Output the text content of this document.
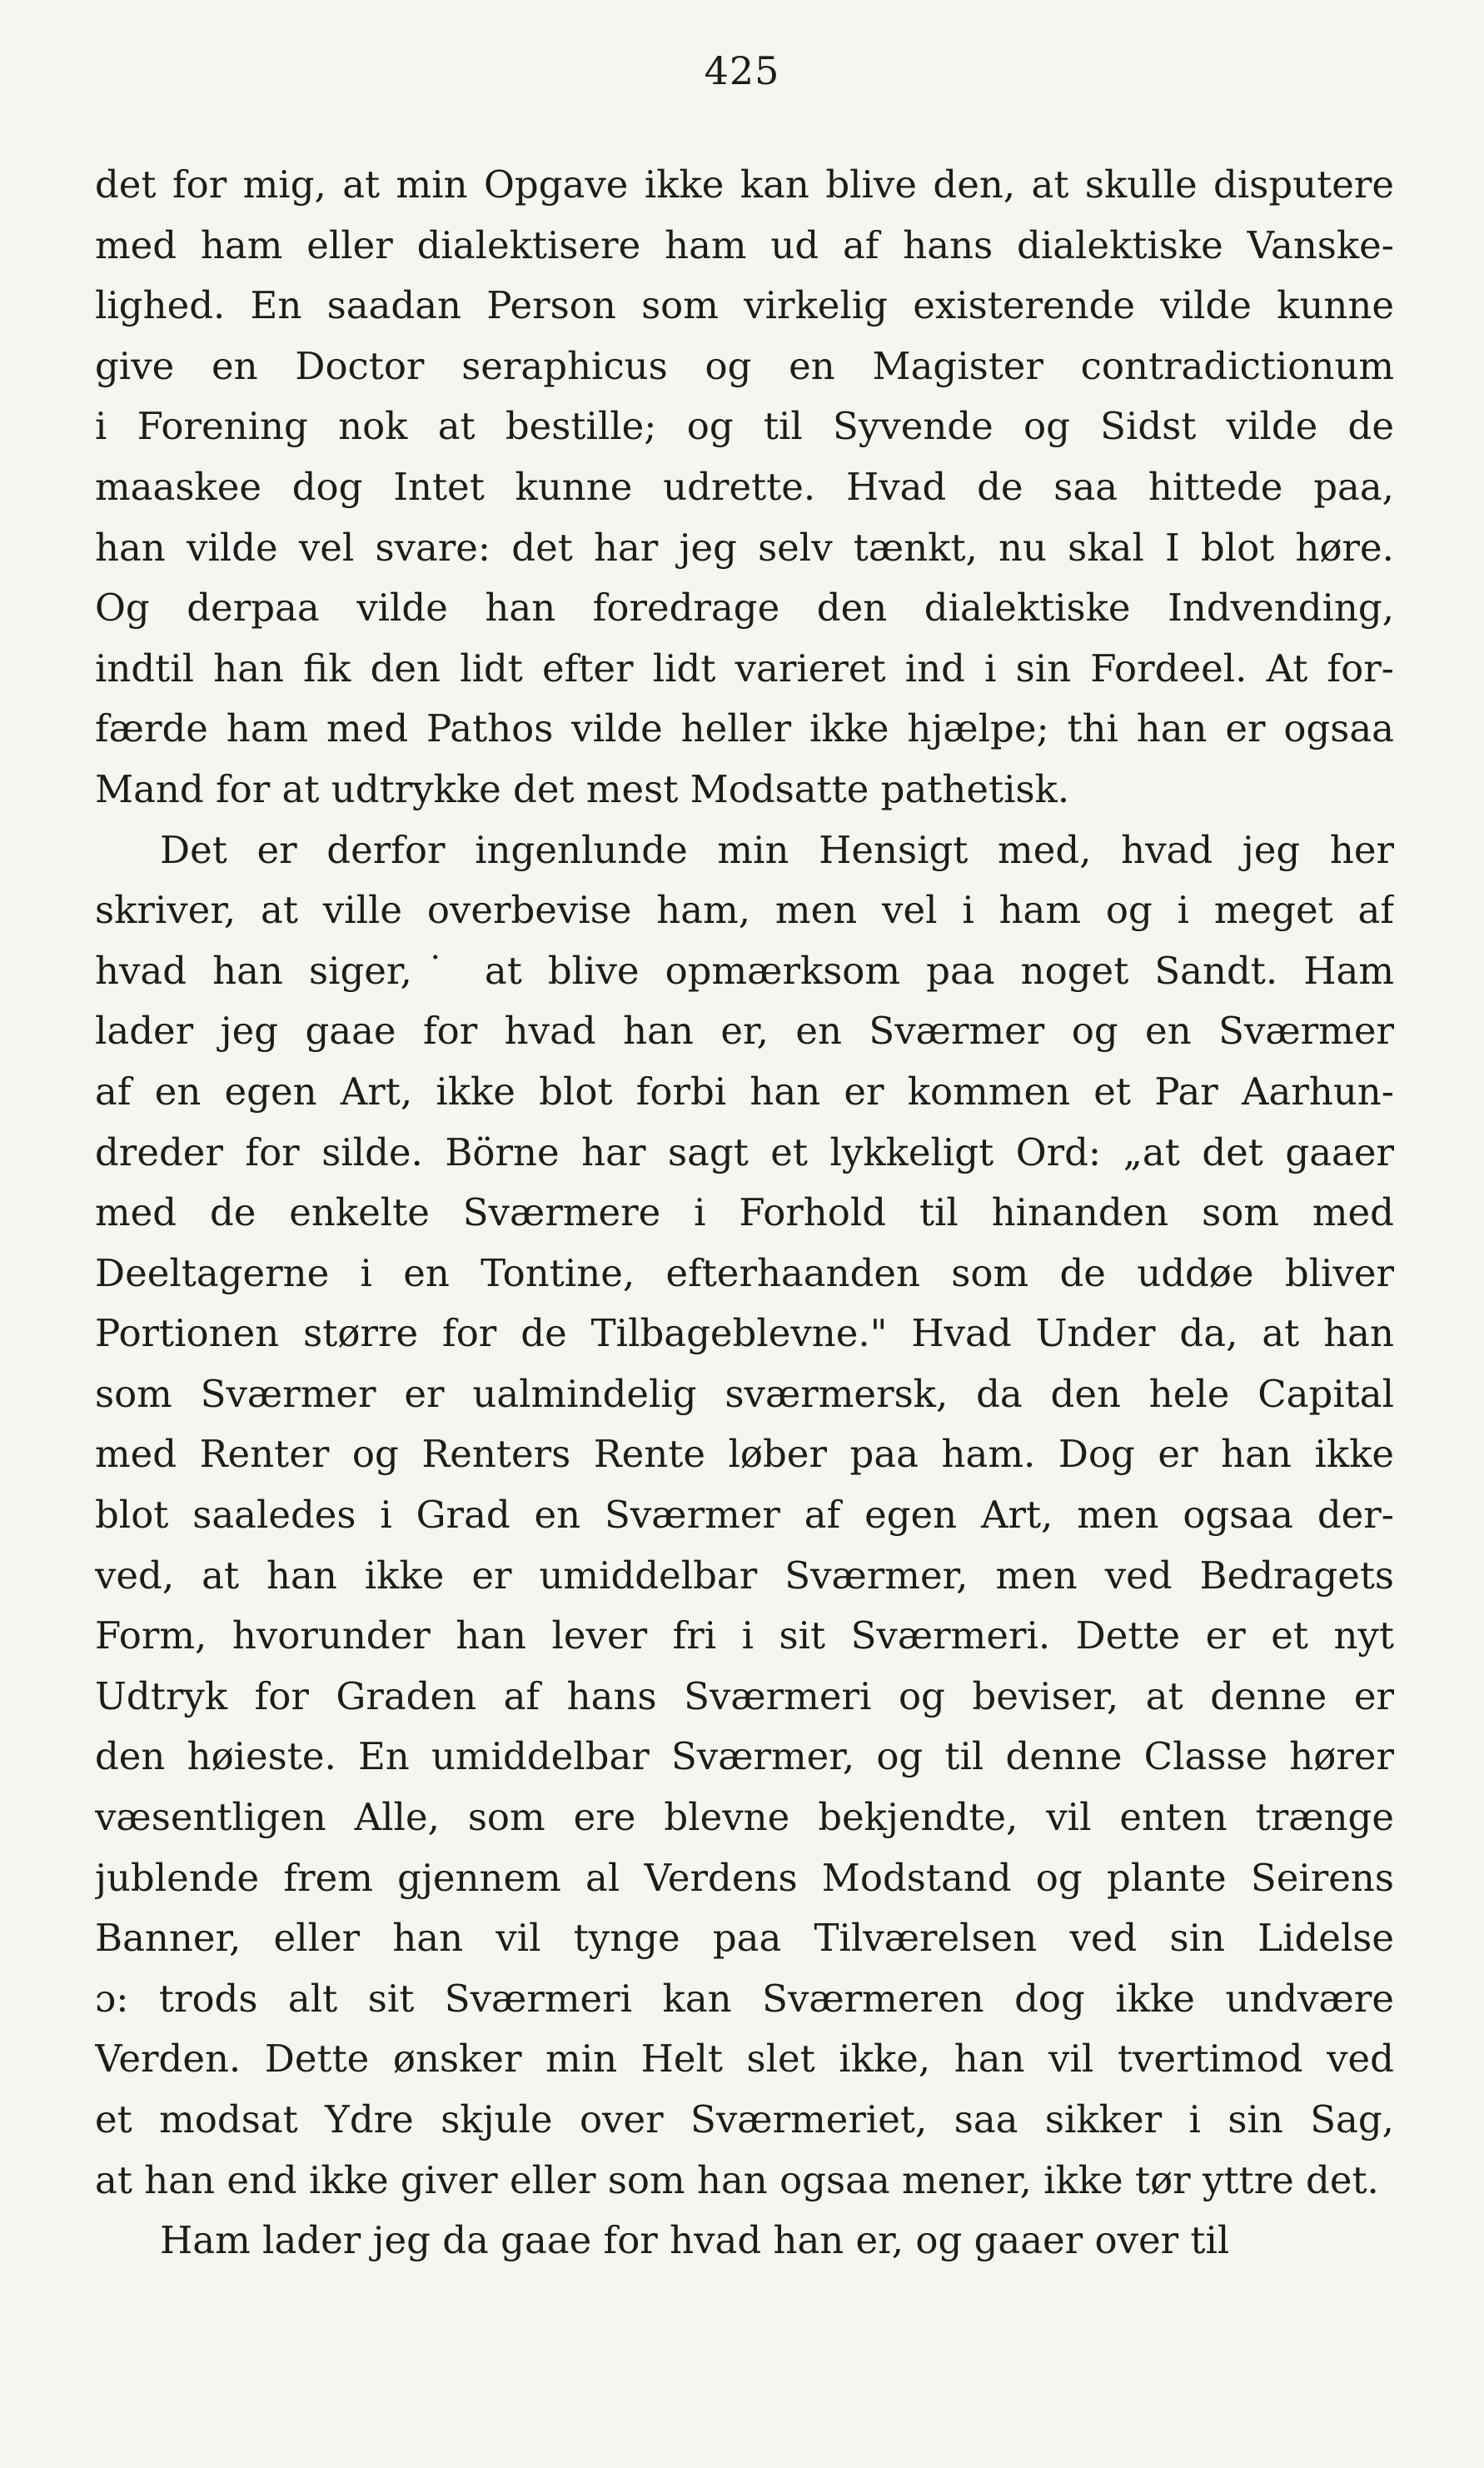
425
det for mig, at min Opgave ikke kan blive den, at skulle disputere
med ham eller dialektisere ham ud af hans dialektiske Vanske-
lighed. En saadan Person som virkelig existerende vilde kunne
give en Doctor seraphicus og en Magister contradictionum
i Forening nok at bestille; og til Syvende og Sidst vilde de
maaskee dog Intet kunne udrette. Hvad de saa hittede paa,
han vilde vel svare: det har jeg selv tænkt, nu skal I blot høre.
Og derpaa vilde han foredrage den dialektiske Indvending,
indtil han fik den lidt efter lidt varieret ind i sin Fordeel. At for-
færde ham med Pathos vilde heller ikke hjælpe; thi han er ogsaa
Mand for at udtrykke det mest Modsatte pathetisk.
Det er derfor ingenlunde min Hensigt med, hvad jeg her
skriver, at ville overbevise ham, men vel i ham og i meget af
hvad han siger,˙ at blive opmærksom paa noget Sandt. Ham
lader jeg gaae for hvad han er, en Sværmer og en Sværmer
af en egen Art, ikke blot forbi han er kommen et Par Aarhun-
dreder for silde. Börne har sagt et lykkeligt Ord: „at det gaaer
med de enkelte Sværmere i Forhold til hinanden som med
Deeltagerne i en Tontine, efterhaanden som de uddøe bliver
Portionen større for de Tilbageblevne." Hvad Under da, at han
som Sværmer er ualmindelig sværmersk, da den hele Capital
med Renter og Renters Rente løber paa ham. Dog er han ikke
blot saaledes i Grad en Sværmer af egen Art, men ogsaa der-
ved, at han ikke er umiddelbar Sværmer, men ved Bedragets
Form, hvorunder han lever fri i sit Sværmeri. Dette er et nyt
Udtryk for Graden af hans Sværmeri og beviser, at denne er
den høieste. En umiddelbar Sværmer, og til denne Classe hører
væsentligen Alle, som ere blevne bekjendte, vil enten trænge
jublende frem gjennem al Verdens Modstand og plante Seirens
Banner, eller han vil tynge paa Tilværelsen ved sin Lidelse
ɔ: trods alt sit Sværmeri kan Sværmeren dog ikke undvære
Verden. Dette ønsker min Helt slet ikke, han vil tvertimod ved
et modsat Ydre skjule over Sværmeriet, saa sikker i sin Sag,
at han end ikke giver eller som han ogsaa mener, ikke tør yttre det.
Ham lader jeg da gaae for hvad han er, og gaaer over til
